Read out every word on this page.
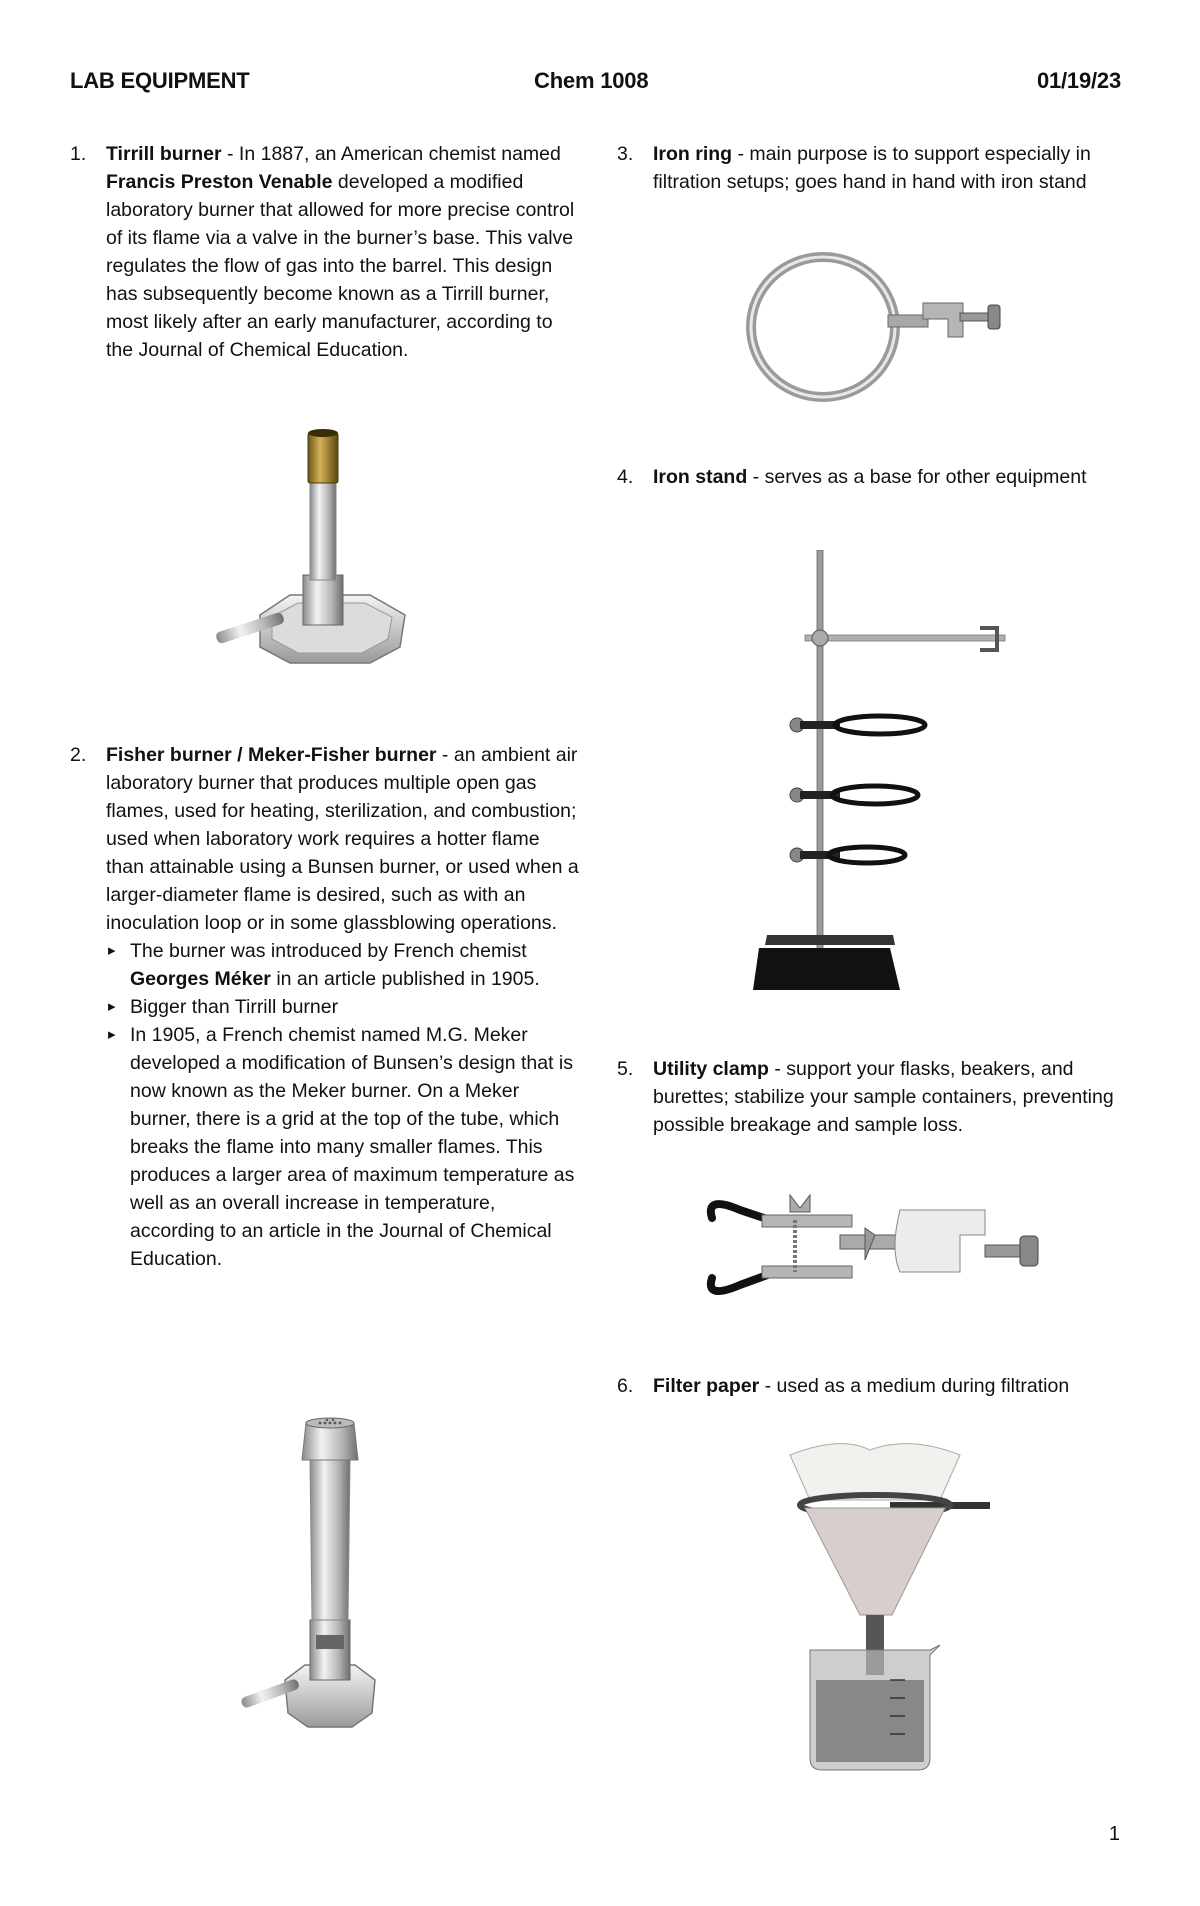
LAB EQUIPMENT	Chem 1008	01/19/23
1. Tirrill burner - In 1887, an American chemist named Francis Preston Venable developed a modified laboratory burner that allowed for more precise control of its flame via a valve in the burner’s base. This valve regulates the flow of gas into the barrel. This design has subsequently become known as a Tirrill burner, most likely after an early manufacturer, according to the Journal of Chemical Education.
2. Fisher burner / Meker-Fisher burner - an ambient air laboratory burner that produces multiple open gas flames, used for heating, sterilization, and combustion; used when laboratory work requires a hotter flame than attainable using a Bunsen burner, or used when a larger-diameter flame is desired, such as with an inoculation loop or in some glassblowing operations.
▸ The burner was introduced by French chemist Georges Méker in an article published in 1905.
▸ Bigger than Tirrill burner
▸ In 1905, a French chemist named M.G. Meker developed a modification of Bunsen’s design that is now known as the Meker burner. On a Meker burner, there is a grid at the top of the tube, which breaks the flame into many smaller flames. This produces a larger area of maximum temperature as well as an overall increase in temperature, according to an article in the Journal of Chemical Education.
3. Iron ring - main purpose is to support especially in filtration setups; goes hand in hand with iron stand
4. Iron stand - serves as a base for other equipment
5. Utility clamp - support your flasks, beakers, and burettes; stabilize your sample containers, preventing possible breakage and sample loss.
6. Filter paper - used as a medium during filtration
1
